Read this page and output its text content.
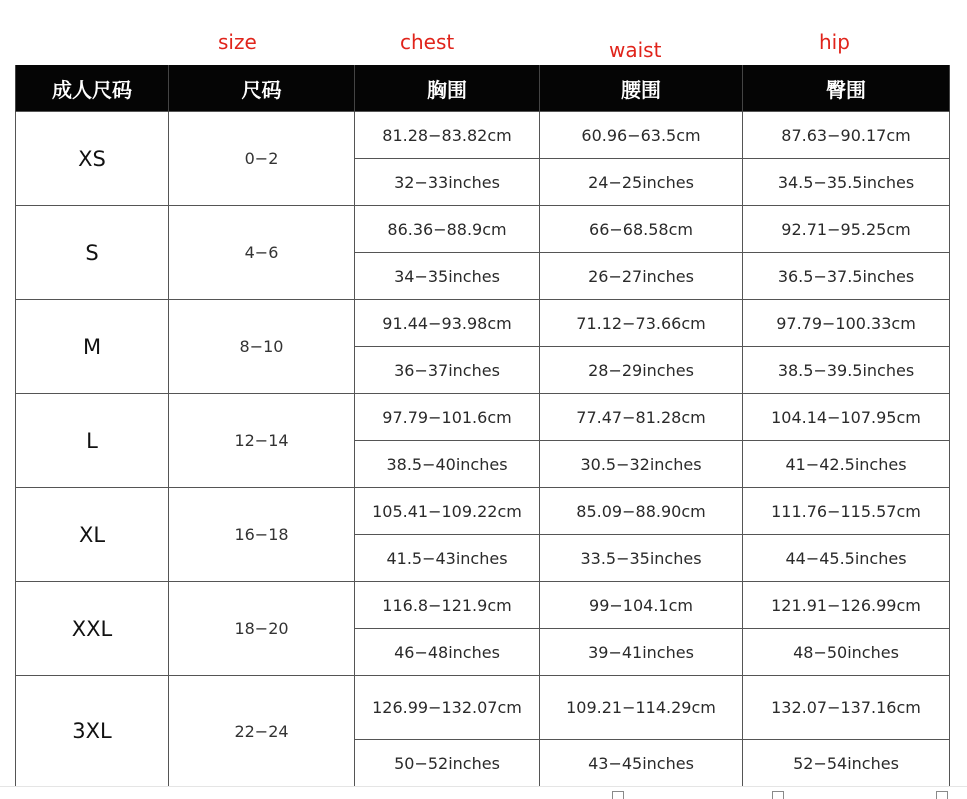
size	chest	waist	hip
成人尺码	尺码	胸围	腰围	臀围
XS	0−2	81.28−83.82cm	60.96−63.5cm	87.63−90.17cm
		32−33inches	24−25inches	34.5−35.5inches
S	4−6	86.36−88.9cm	66−68.58cm	92.71−95.25cm
		34−35inches	26−27inches	36.5−37.5inches
M	8−10	91.44−93.98cm	71.12−73.66cm	97.79−100.33cm
		36−37inches	28−29inches	38.5−39.5inches
L	12−14	97.79−101.6cm	77.47−81.28cm	104.14−107.95cm
		38.5−40inches	30.5−32inches	41−42.5inches
XL	16−18	105.41−109.22cm	85.09−88.90cm	111.76−115.57cm
		41.5−43inches	33.5−35inches	44−45.5inches
XXL	18−20	116.8−121.9cm	99−104.1cm	121.91−126.99cm
		46−48inches	39−41inches	48−50inches
3XL	22−24	126.99−132.07cm	109.21−114.29cm	132.07−137.16cm
		50−52inches	43−45inches	52−54inches
